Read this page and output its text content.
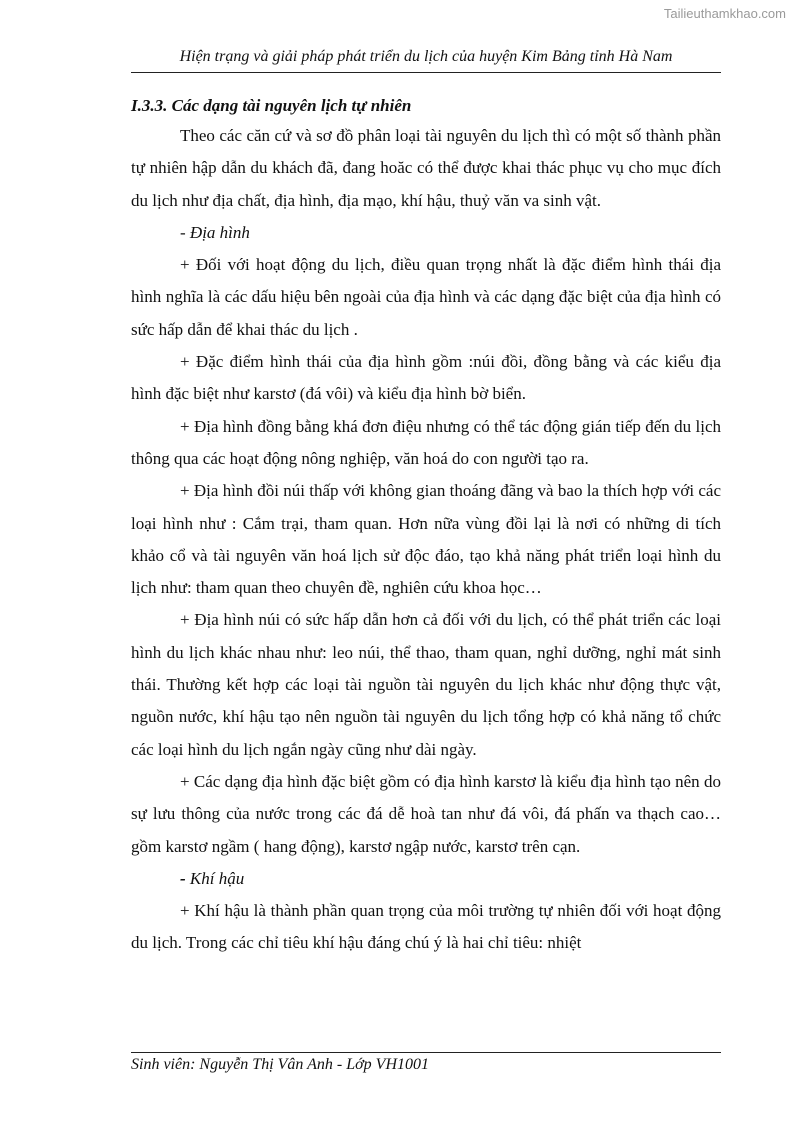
Tailieuthamkhao.com
Hiện trạng và giải pháp phát triển du lịch của huyện Kim Bảng tỉnh Hà Nam
I.3.3. Các dạng tài nguyên lịch tự nhiên

Theo các căn cứ và sơ đồ phân loại tài nguyên du lịch thì có một số thành phần tự nhiên hập dẫn du khách đã, đang hoăc có thể được khai thác phục vụ cho mục đích du lịch như địa chất, địa hình, địa mạo, khí hậu, thuỷ văn va sinh vật.

- Địa hình

+ Đối với hoạt động du lịch, điều quan trọng nhất là đặc điểm hình thái địa hình nghĩa là các dấu hiệu bên ngoài của địa hình và các dạng đặc biệt của địa hình có sức hấp dẫn để khai thác du lịch .

+ Đặc điểm hình thái của địa hình gồm :núi đồi, đồng bằng và các kiểu địa hình đặc biệt như karstơ (đá vôi) và kiểu địa hình bờ biển.

+ Địa hình đồng bằng khá đơn điệu nhưng có thể tác động gián tiếp đến du lịch thông qua các hoạt động nông nghiệp, văn hoá do con người tạo ra.

+ Địa hình đồi núi thấp với không gian thoáng đãng và bao la thích hợp với các loại hình như : Cắm trại, tham quan. Hơn nữa vùng đồi lại là nơi có những di tích khảo cổ và tài nguyên văn hoá lịch sử độc đáo, tạo khả năng phát triển loại hình du lịch như: tham quan theo chuyên đề, nghiên cứu khoa học…

+ Địa hình núi có sức hấp dẫn hơn cả đối với du lịch, có thể phát triển các loại hình du lịch khác nhau như: leo núi, thể thao, tham quan, nghỉ dưỡng, nghỉ mát sinh thái. Thường kết hợp các loại tài nguồn tài nguyên du lịch khác như động thực vật, nguồn nước, khí hậu tạo nên nguồn tài nguyên du lịch tổng hợp có khả năng tổ chức các loại hình du lịch ngắn ngày cũng như dài ngày.

+ Các dạng địa hình đặc biệt gồm có địa hình karstơ là kiểu địa hình tạo nên do sự lưu thông của nước trong các đá dễ hoà tan như đá vôi, đá phấn va thạch cao… gồm karstơ ngầm ( hang động), karstơ ngập nước, karstơ trên cạn.

- Khí hậu

+ Khí hậu là thành phần quan trọng của môi trường tự nhiên đối với hoạt động du lịch. Trong các chỉ tiêu khí hậu đáng chú ý là hai chỉ tiêu: nhiệt

Sinh viên: Nguyễn Thị Vân Anh - Lớp VH1001
